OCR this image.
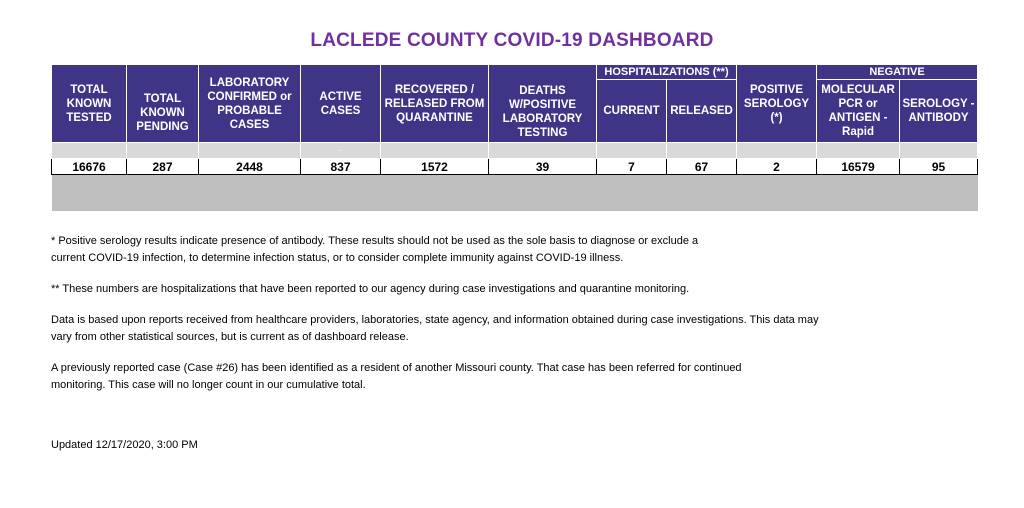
LACLEDE COUNTY COVID-19 DASHBOARD
TOTAL KNOWN TESTED	TOTAL KNOWN PENDING	LABORATORY CONFIRMED or PROBABLE CASES	ACTIVE CASES	RECOVERED / RELEASED FROM QUARANTINE	DEATHS W/POSITIVE LABORATORY TESTING	HOSPITALIZATIONS (**)		POSITIVE SEROLOGY (*)	NEGATIVE	
						CURRENT	RELEASED		MOLECULAR PCR or ANTIGEN - Rapid	SEROLOGY - ANTIBODY
			-							
16676	287	2448	837	1572	39	7	67	2	16579	95

* Positive serology results indicate presence of antibody. These results should not be used as the sole basis to diagnose or exclude a current COVID-19 infection, to determine infection status, or to consider complete immunity against COVID-19 illness.

** These numbers are hospitalizations that have been reported to our agency during case investigations and quarantine monitoring.

Data is based upon reports received from healthcare providers, laboratories, state agency, and information obtained during case investigations. This data may vary from other statistical sources, but is current as of dashboard release.

A previously reported case (Case #26) has been identified as a resident of another Missouri county. That case has been referred for continued monitoring. This case will no longer count in our cumulative total.

Updated 12/17/2020, 3:00 PM
